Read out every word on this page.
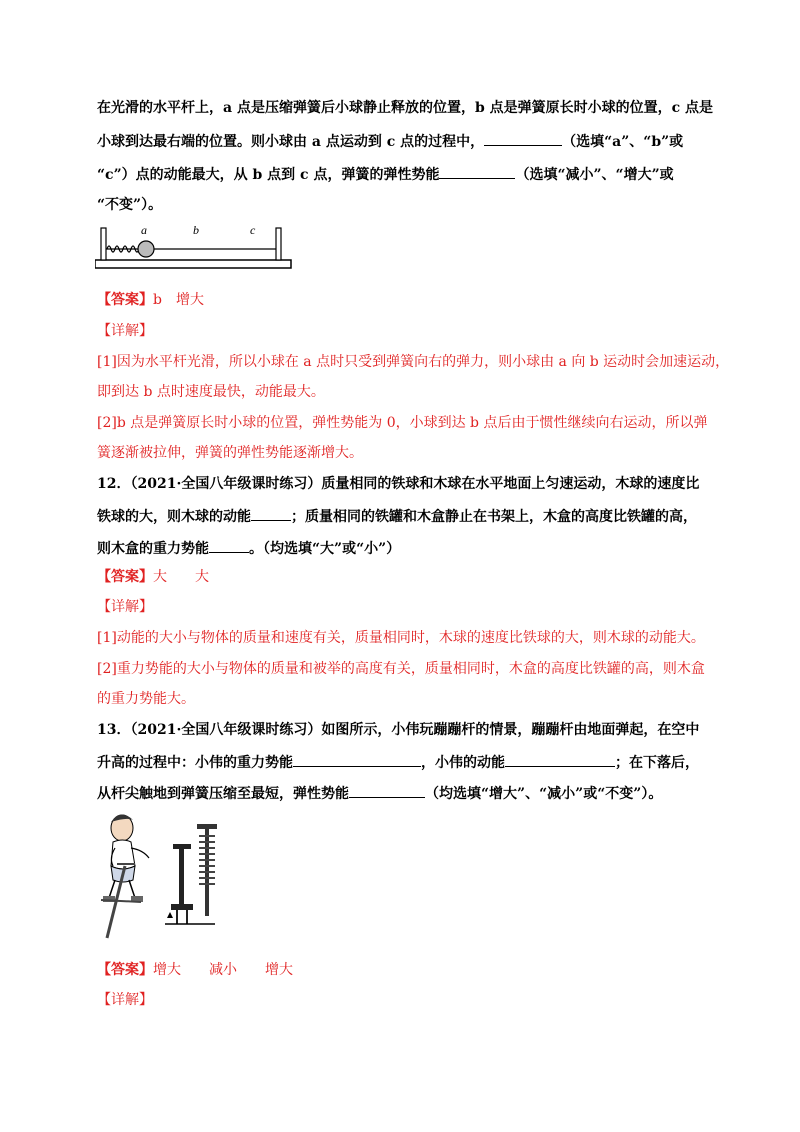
在光滑的水平杆上，a 点是压缩弹簧后小球静止释放的位置，b 点是弹簧原长时小球的位置，c 点是
小球到达最右端的位置。则小球由 a 点运动到 c 点的过程中，	（选填“a”、“b”或
“c”）点的动能最大，从 b 点到 c 点，弹簧的弹性势能	（选填“减小”、“增大”或
“不变”）。
a	b	c
【答案】b　增大
【详解】
[1]因为水平杆光滑，所以小球在 a 点时只受到弹簧向右的弹力，则小球由 a 向 b 运动时会加速运动，
即到达 b 点时速度最快，动能最大。
[2]b 点是弹簧原长时小球的位置，弹性势能为 0，小球到达 b 点后由于惯性继续向右运动，所以弹
簧逐渐被拉伸，弹簧的弹性势能逐渐增大。
12．（2021·全国八年级课时练习）质量相同的铁球和木球在水平地面上匀速运动，木球的速度比
铁球的大，则木球的动能	；质量相同的铁罐和木盒静止在书架上，木盒的高度比铁罐的高，
则木盒的重力势能	。（均选填“大”或“小”）
【答案】大　　大
【详解】
[1]动能的大小与物体的质量和速度有关，质量相同时，木球的速度比铁球的大，则木球的动能大。
[2]重力势能的大小与物体的质量和被举的高度有关，质量相同时，木盒的高度比铁罐的高，则木盒
的重力势能大。
13．（2021·全国八年级课时练习）如图所示，小伟玩蹦蹦杆的情景，蹦蹦杆由地面弹起，在空中
升高的过程中：小伟的重力势能	，小伟的动能	；在下落后，
从杆尖触地到弹簧压缩至最短，弹性势能	（均选填“增大”、“减小”或“不变”）。
【答案】增大　　减小　　增大
【详解】
